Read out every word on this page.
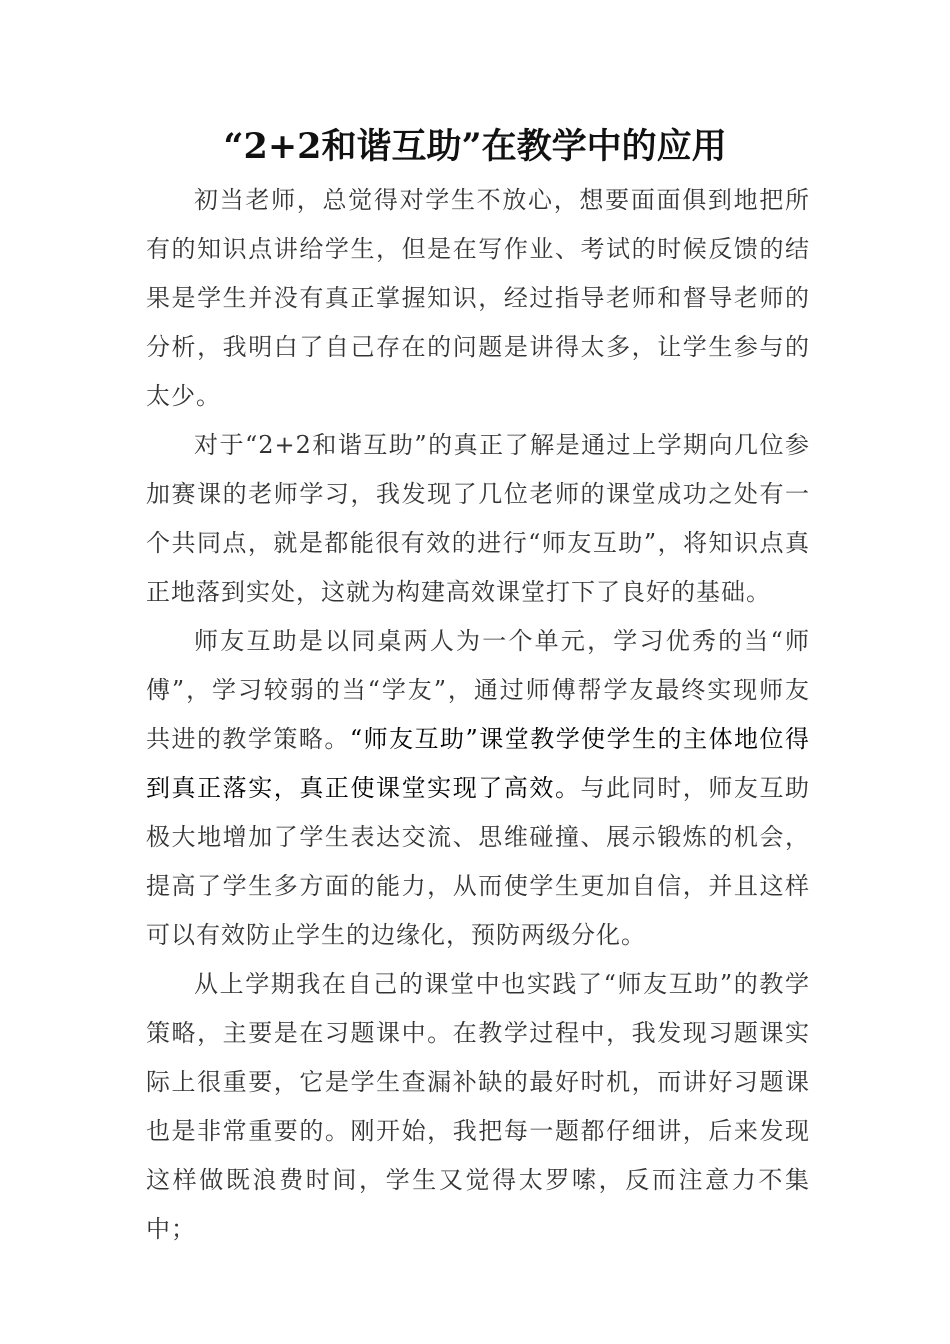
“2+2和谐互助”在教学中的应用

初当老师，总觉得对学生不放心，想要面面俱到地把所有的知识点讲给学生，但是在写作业、考试的时候反馈的结果是学生并没有真正掌握知识，经过指导老师和督导老师的分析，我明白了自己存在的问题是讲得太多，让学生参与的太少。

对于“2+2和谐互助”的真正了解是通过上学期向几位参加赛课的老师学习，我发现了几位老师的课堂成功之处有一个共同点，就是都能很有效的进行“师友互助”，将知识点真正地落到实处，这就为构建高效课堂打下了良好的基础。

师友互助是以同桌两人为一个单元，学习优秀的当“师傅”，学习较弱的当“学友”，通过师傅帮学友最终实现师友共进的教学策略。“师友互助”课堂教学使学生的主体地位得到真正落实，真正使课堂实现了高效。与此同时，师友互助极大地增加了学生表达交流、思维碰撞、展示锻炼的机会，提高了学生多方面的能力，从而使学生更加自信，并且这样可以有效防止学生的边缘化，预防两级分化。

从上学期我在自己的课堂中也实践了“师友互助”的教学策略，主要是在习题课中。在教学过程中，我发现习题课实际上很重要，它是学生查漏补缺的最好时机，而讲好习题课也是非常重要的。刚开始，我把每一题都仔细讲，后来发现这样做既浪费时间，学生又觉得太罗嗦，反而注意力不集中；
